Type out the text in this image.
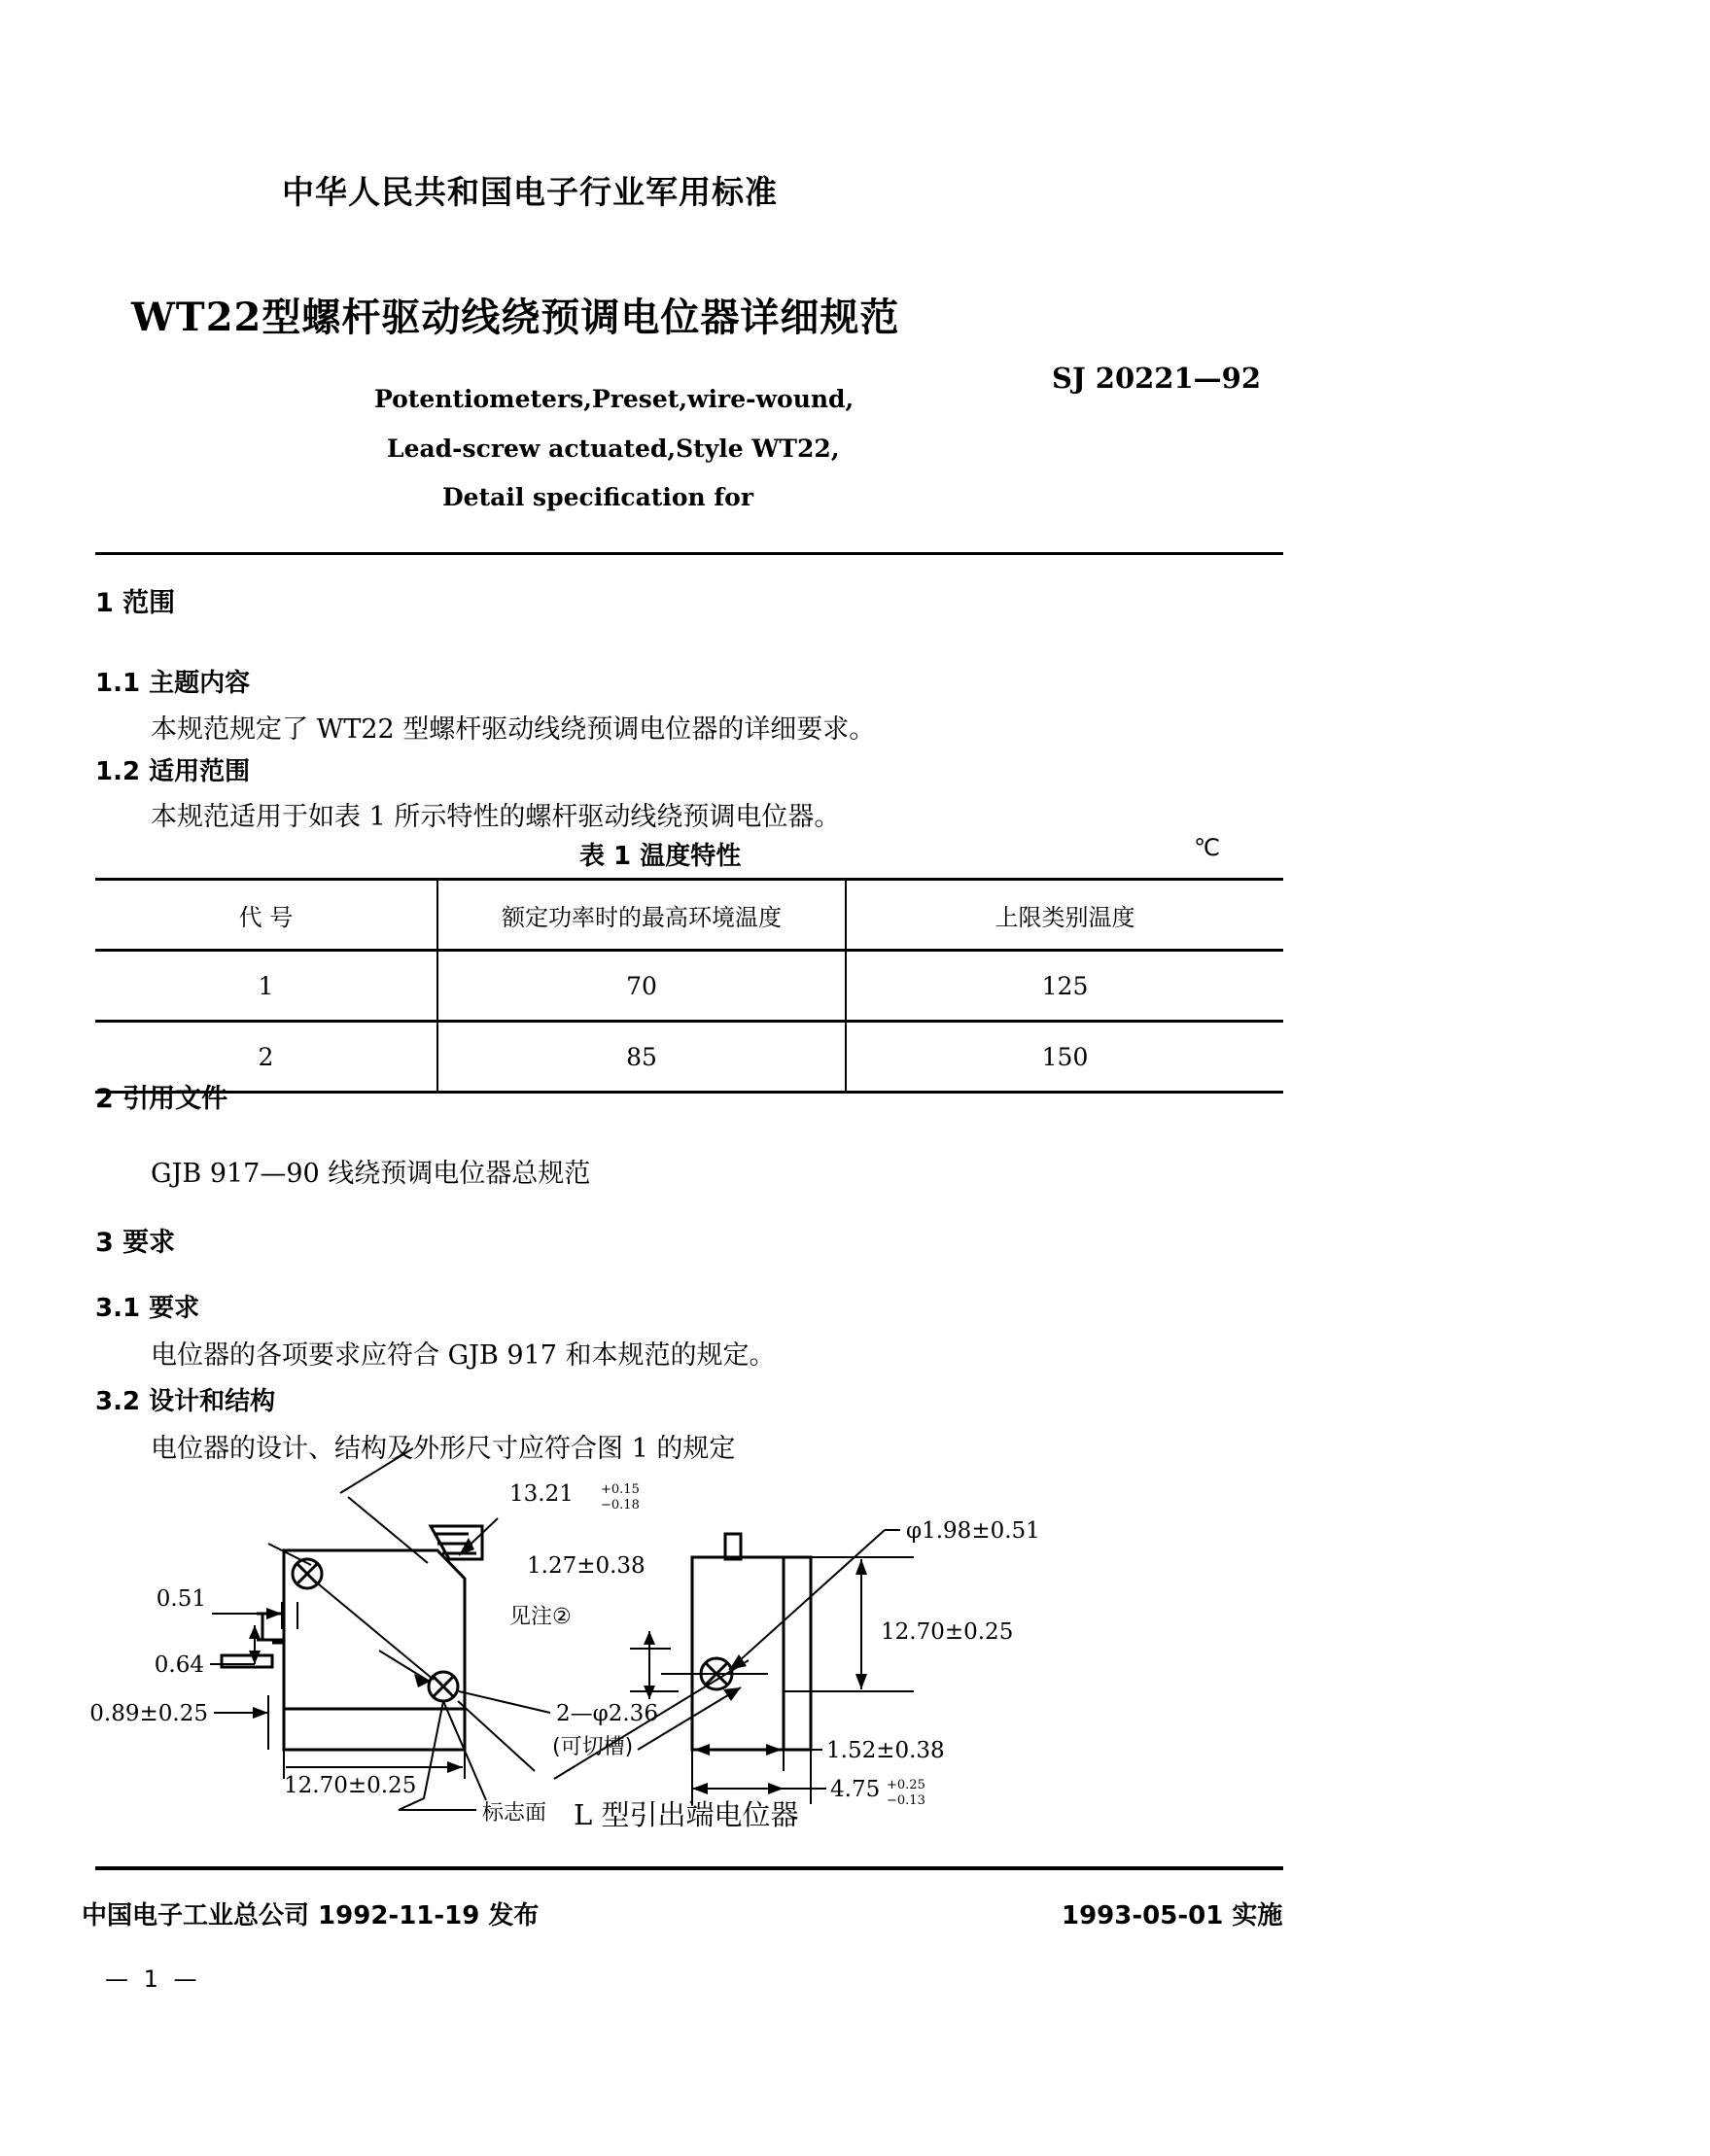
中华人民共和国电子行业军用标准
WT22型螺杆驱动线绕预调电位器详细规范
SJ 20221—92
Potentiometers,Preset,wire-wound,
Lead-screw actuated,Style WT22,
Detail specification for
1 范围
1.1 主题内容
本规范规定了 WT22 型螺杆驱动线绕预调电位器的详细要求。
1.2 适用范围
本规范适用于如表 1 所示特性的螺杆驱动线绕预调电位器。
表 1 温度特性	℃
代 号	额定功率时的最高环境温度	上限类别温度
1	70	125
2	85	150
2 引用文件
GJB 917—90 线绕预调电位器总规范
3 要求
3.1 要求
电位器的各项要求应符合 GJB 917 和本规范的规定。
3.2 设计和结构
电位器的设计、结构及外形尺寸应符合图 1 的规定
0.51
0.64
0.89±0.25
12.70±0.25
13.21 +0.15
−0.18
1.27±0.38
见注②
2—φ2.36
(可切槽)
φ1.98±0.51
12.70±0.25
1.52±0.38
4.75 +0.25
−0.13
标志面 L 型引出端电位器
中国电子工业总公司 1992-11-19 发布	1993-05-01 实施
— 1 —
